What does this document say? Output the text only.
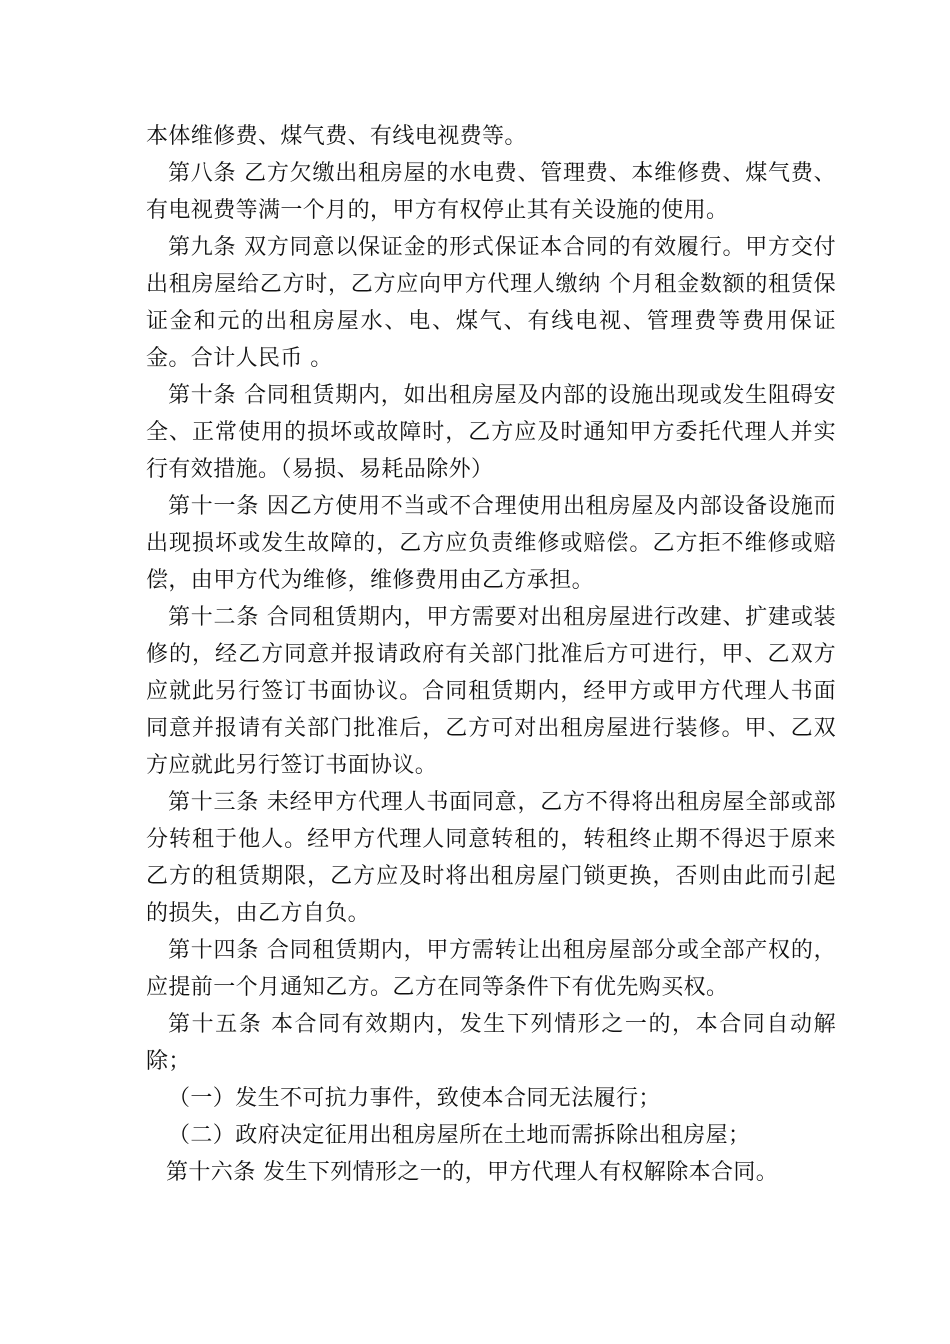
本体维修费、煤气费、有线电视费等。

第八条 乙方欠缴出租房屋的水电费、管理费、本维修费、煤气费、有电视费等满一个月的，甲方有权停止其有关设施的使用。

第九条 双方同意以保证金的形式保证本合同的有效履行。甲方交付出租房屋给乙方时，乙方应向甲方代理人缴纳 个月租金数额的租赁保证金和元的出租房屋水、电、煤气、有线电视、管理费等费用保证金。合计人民币 。

第十条 合同租赁期内，如出租房屋及内部的设施出现或发生阻碍安全、正常使用的损坏或故障时，乙方应及时通知甲方委托代理人并实行有效措施。（易损、易耗品除外）

第十一条 因乙方使用不当或不合理使用出租房屋及内部设备设施而出现损坏或发生故障的，乙方应负责维修或赔偿。乙方拒不维修或赔偿，由甲方代为维修，维修费用由乙方承担。

第十二条 合同租赁期内，甲方需要对出租房屋进行改建、扩建或装修的，经乙方同意并报请政府有关部门批准后方可进行，甲、乙双方应就此另行签订书面协议。合同租赁期内，经甲方或甲方代理人书面同意并报请有关部门批准后，乙方可对出租房屋进行装修。甲、乙双方应就此另行签订书面协议。

第十三条 未经甲方代理人书面同意，乙方不得将出租房屋全部或部分转租于他人。经甲方代理人同意转租的，转租终止期不得迟于原来乙方的租赁期限，乙方应及时将出租房屋门锁更换，否则由此而引起的损失，由乙方自负。

第十四条 合同租赁期内，甲方需转让出租房屋部分或全部产权的，应提前一个月通知乙方。乙方在同等条件下有优先购买权。

第十五条 本合同有效期内，发生下列情形之一的，本合同自动解除；

（一）发生不可抗力事件，致使本合同无法履行；

（二）政府决定征用出租房屋所在土地而需拆除出租房屋；

第十六条 发生下列情形之一的，甲方代理人有权解除本合同。
